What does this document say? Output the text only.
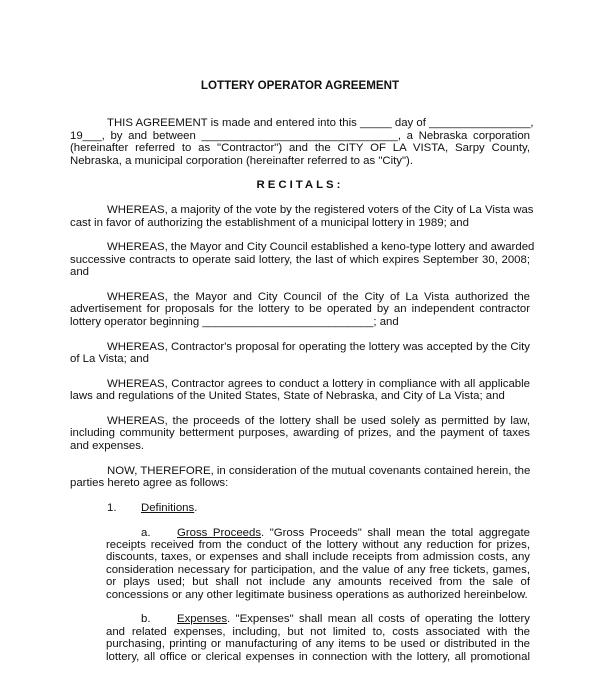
LOTTERY OPERATOR AGREEMENT
THIS AGREEMENT is made and entered into this _____ day of ________________,
19___, by and between _______________________________, a Nebraska corporation
(hereinafter referred to as "Contractor") and the CITY OF LA VISTA, Sarpy County,
Nebraska, a municipal corporation (hereinafter referred to as "City").
RECITALS:
WHEREAS, a majority of the vote by the registered voters of the City of La Vista was
cast in favor of authorizing the establishment of a municipal lottery in 1989; and
WHEREAS, the Mayor and City Council established a keno-type lottery and awarded
successive contracts to operate said lottery, the last of which expires September 30, 2008;
and
WHEREAS, the Mayor and City Council of the City of La Vista authorized the
advertisement for proposals for the lottery to be operated by an independent contractor
lottery operator beginning ___________________________; and
WHEREAS, Contractor's proposal for operating the lottery was accepted by the City
of La Vista; and
WHEREAS, Contractor agrees to conduct a lottery in compliance with all applicable
laws and regulations of the United States, State of Nebraska, and City of La Vista; and
WHEREAS, the proceeds of the lottery shall be used solely as permitted by law,
including community betterment purposes, awarding of prizes, and the payment of taxes
and expenses.
NOW, THEREFORE, in consideration of the mutual covenants contained herein, the
parties hereto agree as follows:
1. Definitions.
a. Gross Proceeds. "Gross Proceeds" shall mean the total aggregate
receipts received from the conduct of the lottery without any reduction for prizes,
discounts, taxes, or expenses and shall include receipts from admission costs, any
consideration necessary for participation, and the value of any free tickets, games,
or plays used; but shall not include any amounts received from the sale of
concessions or any other legitimate business operations as authorized hereinbelow.
b. Expenses. "Expenses" shall mean all costs of operating the lottery
and related expenses, including, but not limited to, costs associated with the
purchasing, printing or manufacturing of any items to be used or distributed in the
lottery, all office or clerical expenses in connection with the lottery, all promotional
